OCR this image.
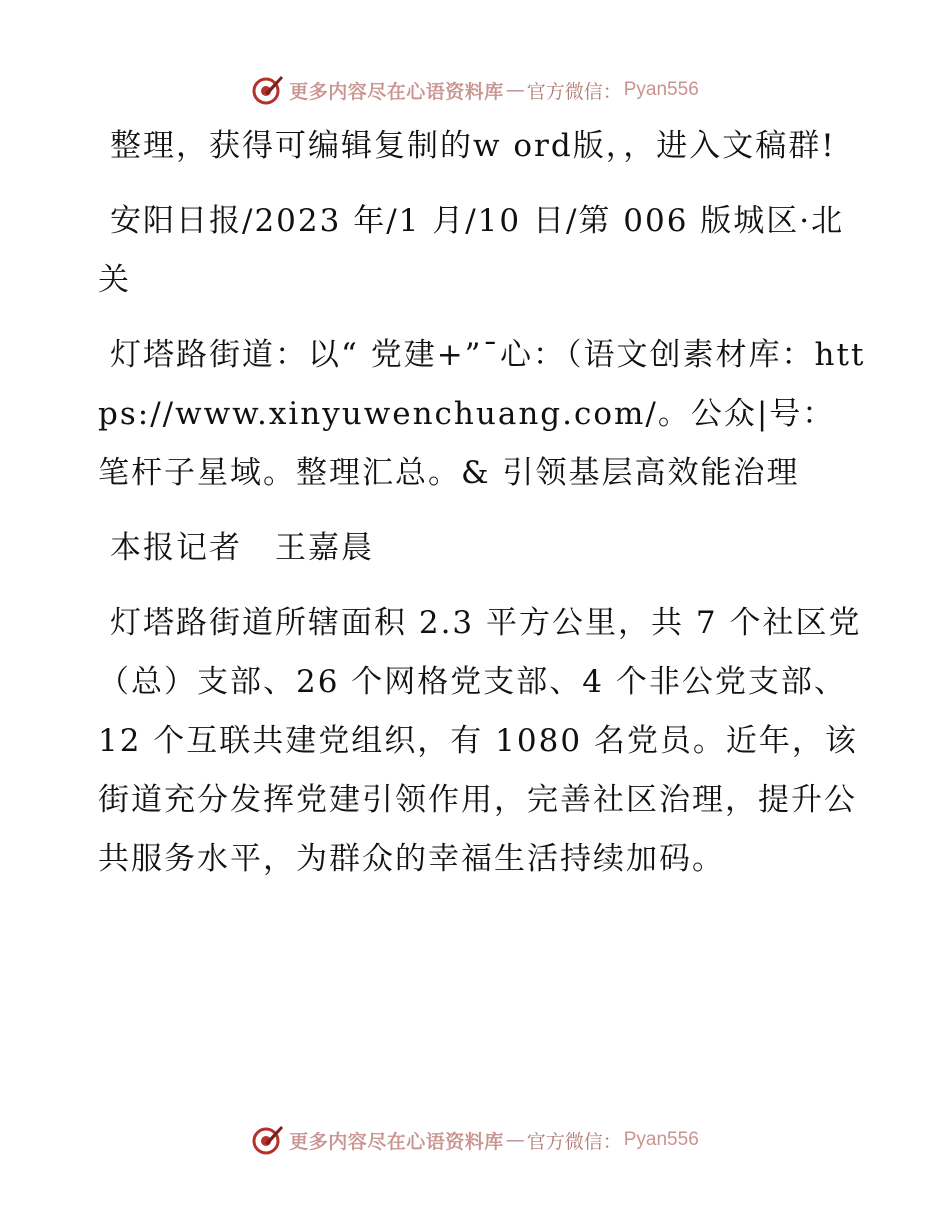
更多内容尽在心语资料库 — 官方微信： Pyan556

整理，获得可编辑复制的w ord版，，进入文稿群!

安阳日报/2023 年/1 月/10 日/第 006 版城区·北关

灯塔路街道：以“ 党建+”¯心：（语文创素材库：https://www.xinyuwenchuang.com/。公众|号：笔杆子星域。整理汇总。& 引领基层高效能治理

本报记者　王嘉晨

灯塔路街道所辖面积 2.3 平方公里，共 7 个社区党（总）支部、26 个网格党支部、4 个非公党支部、12 个互联共建党组织，有 1080 名党员。近年，该街道充分发挥党建引领作用，完善社区治理，提升公共服务水平，为群众的幸福生活持续加码。

更多内容尽在心语资料库 — 官方微信： Pyan556
